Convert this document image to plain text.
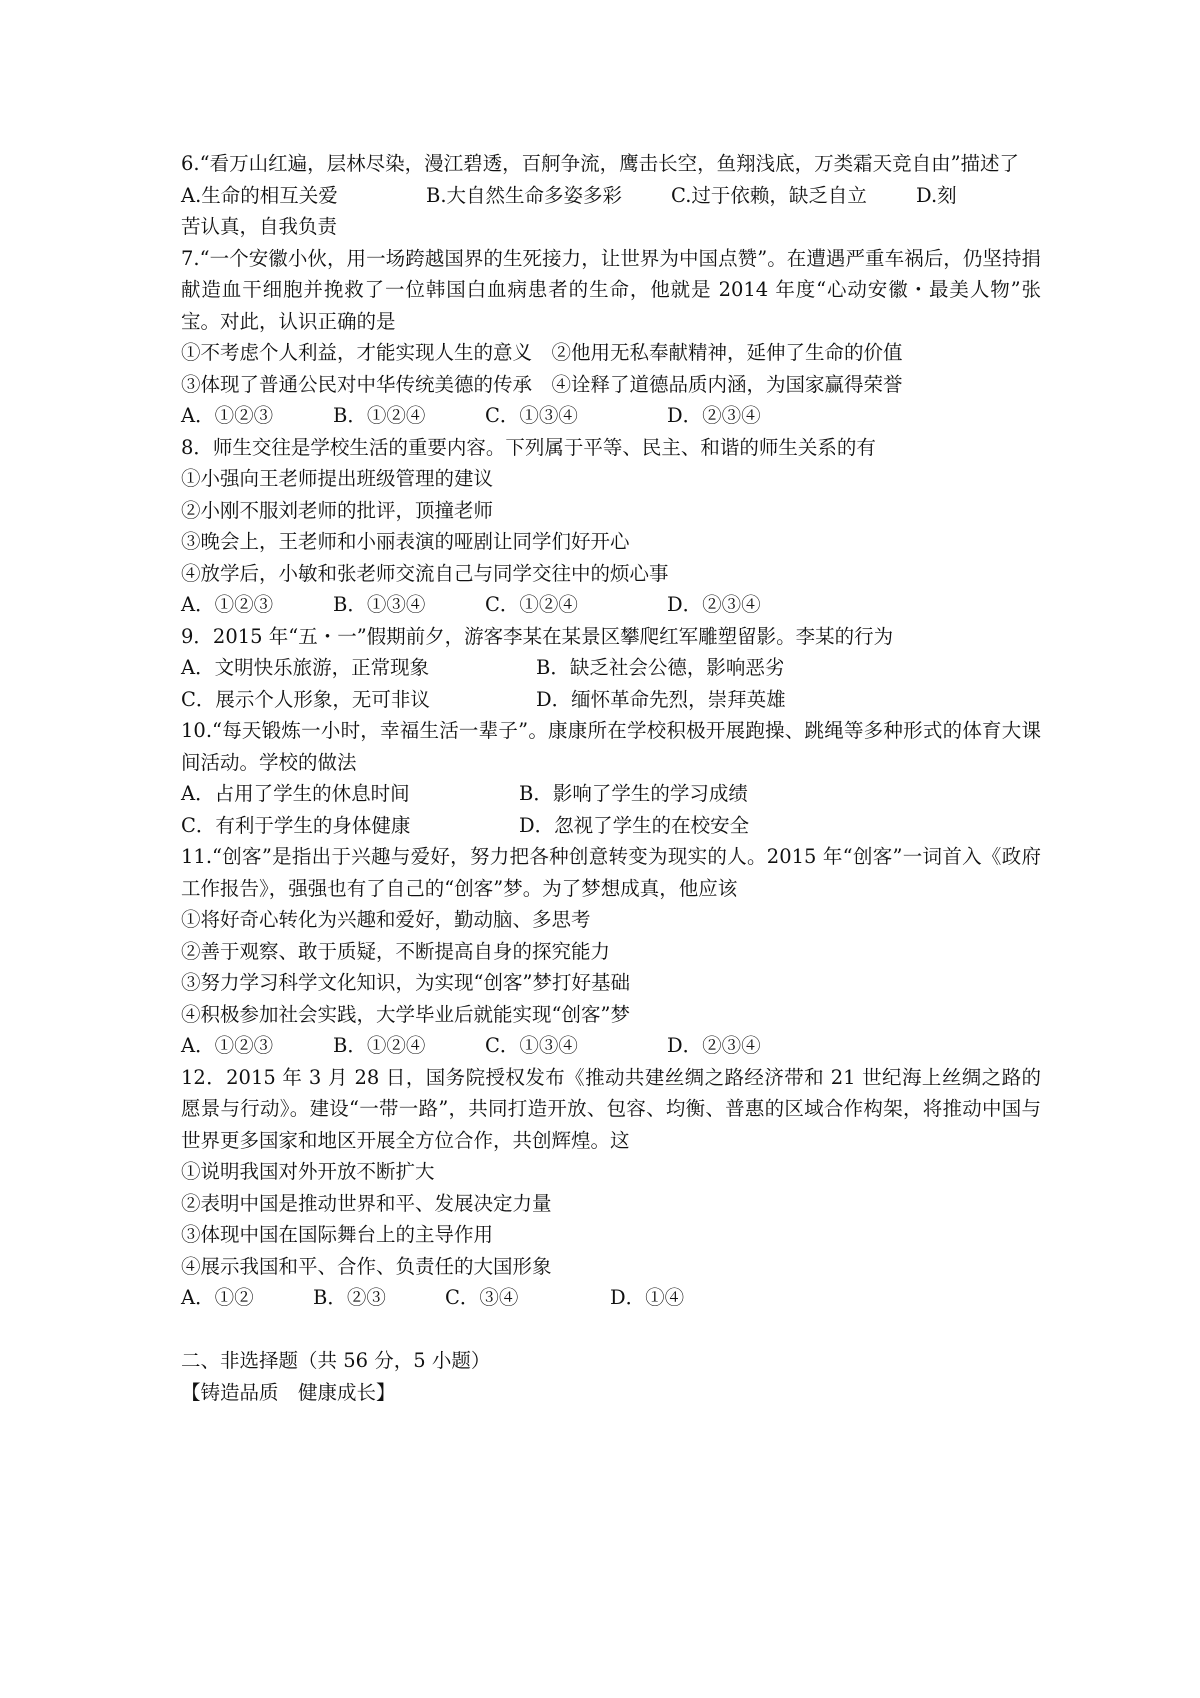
6.“看万山红遍，层林尽染，漫江碧透，百舸争流，鹰击长空，鱼翔浅底，万类霜天竞自由”描述了
A.生命的相互关爱	B.大自然生命多姿多彩	C.过于依赖，缺乏自立	D.刻
苦认真，自我负责
7.“一个安徽小伙，用一场跨越国界的生死接力，让世界为中国点赞”。在遭遇严重车祸后，仍坚持捐献造血干细胞并挽救了一位韩国白血病患者的生命，他就是 2014 年度“心动安徽・最美人物”张宝。对此，认识正确的是
①不考虑个人利益，才能实现人生的意义　②他用无私奉献精神，延伸了生命的价值
③体现了普通公民对中华传统美德的传承　④诠释了道德品质内涵，为国家赢得荣誉
A．①②③	B．①②④	C．①③④	D．②③④
8．师生交往是学校生活的重要内容。下列属于平等、民主、和谐的师生关系的有
①小强向王老师提出班级管理的建议
②小刚不服刘老师的批评，顶撞老师
③晚会上，王老师和小丽表演的哑剧让同学们好开心
④放学后，小敏和张老师交流自己与同学交往中的烦心事
A．①②③	B．①③④	C．①②④	D．②③④
9．2015 年“五・一”假期前夕，游客李某在某景区攀爬红军雕塑留影。李某的行为
A．文明快乐旅游，正常现象	B．缺乏社会公德，影响恶劣
C．展示个人形象，无可非议	D．缅怀革命先烈，崇拜英雄
10.“每天锻炼一小时，幸福生活一辈子”。康康所在学校积极开展跑操、跳绳等多种形式的体育大课间活动。学校的做法
A．占用了学生的休息时间	B．影响了学生的学习成绩
C．有利于学生的身体健康	D．忽视了学生的在校安全
11.“创客”是指出于兴趣与爱好，努力把各种创意转变为现实的人。2015 年“创客”一词首入《政府工作报告》，强强也有了自己的“创客”梦。为了梦想成真，他应该
①将好奇心转化为兴趣和爱好，勤动脑、多思考
②善于观察、敢于质疑，不断提高自身的探究能力
③努力学习科学文化知识，为实现“创客”梦打好基础
④积极参加社会实践，大学毕业后就能实现“创客”梦
A．①②③	B．①②④	C．①③④	D．②③④
12．2015 年 3 月 28 日，国务院授权发布《推动共建丝绸之路经济带和 21 世纪海上丝绸之路的愿景与行动》。建设“一带一路”，共同打造开放、包容、均衡、普惠的区域合作构架，将推动中国与世界更多国家和地区开展全方位合作，共创辉煌。这
①说明我国对外开放不断扩大
②表明中国是推动世界和平、发展决定力量
③体现中国在国际舞台上的主导作用
④展示我国和平、合作、负责任的大国形象
A．①②	B．②③	C．③④	D．①④
二、非选择题（共 56 分，5 小题）
【铸造品质　健康成长】
